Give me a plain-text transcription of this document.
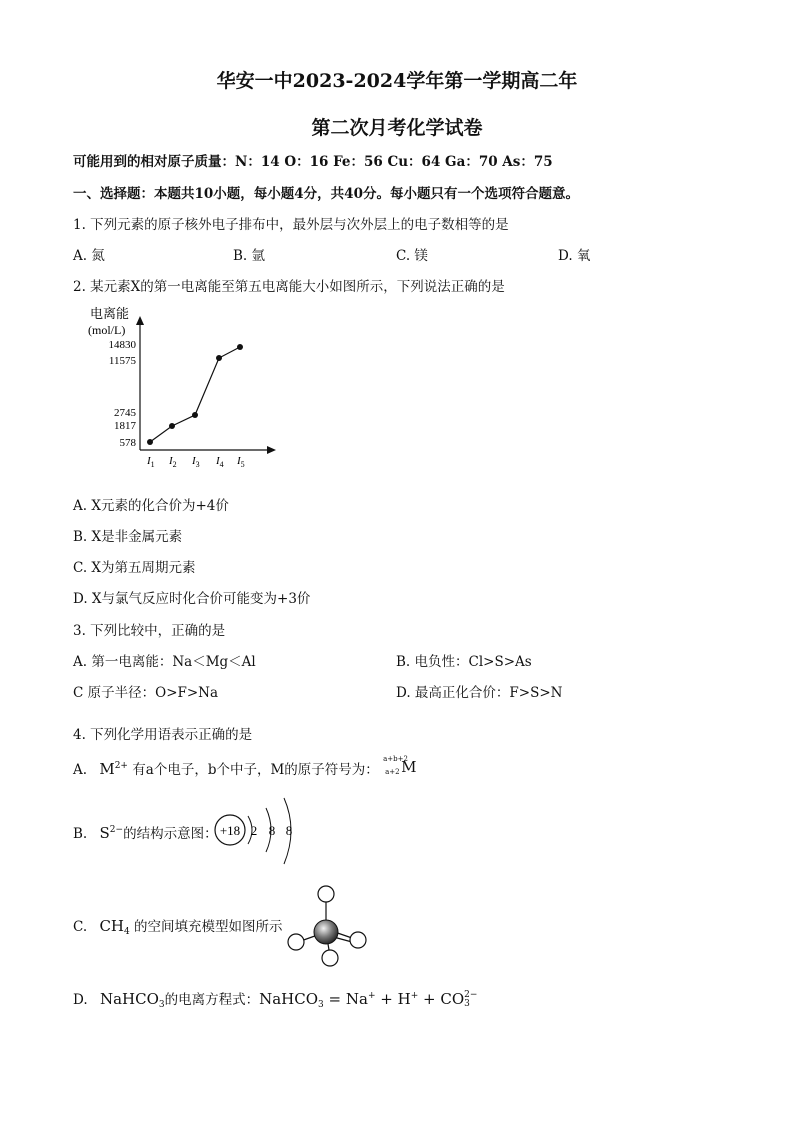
华安一中2023-2024学年第一学期高二年
第二次月考化学试卷
可能用到的相对原子质量：N：14 O：16 Fe：56 Cu：64 Ga：70 As：75
一、选择题：本题共10小题，每小题4分，共40分。每小题只有一个选项符合题意。
1. 下列元素的原子核外电子排布中，最外层与次外层上的电子数相等的是
A. 氮	B. 氩	C. 镁	D. 氧
2. 某元素X的第一电离能至第五电离能大小如图所示，下列说法正确的是
电离能
(mol/L)
14830
11575
2745
1817
578
$I_1$ $I_2$ $I_3$ $I_4$ $I_5$
A. X元素的化合价为+4价
B. X是非金属元素
C. X为第五周期元素
D. X与氯气反应时化合价可能变为+3价
3. 下列比较中，正确的是
A. 第一电离能：Na＜Mg＜Al	B. 电负性：Cl>S>As
C 原子半径：O>F>Na	D. 最高正化合价：F>S>N
4. 下列化学用语表示正确的是
A. $M^{2+}$ 有a个电子，b个中子，M的原子符号为：
a+b+2
a+2 M
B. $S^{2-}$的结构示意图： +18 2 8 8
C. $CH_4$ 的空间填充模型如图所示
D. NaHCO$_3$的电离方程式：NaHCO$_3$ = Na+ + H+ + CO 2−
3
